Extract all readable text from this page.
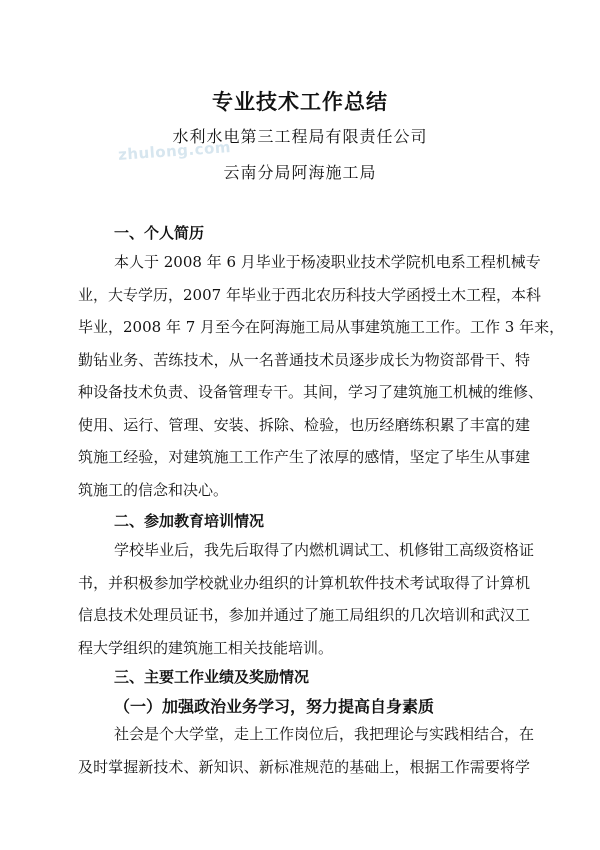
zhulong.com
专业技术工作总结

水利水电第三工程局有限责任公司

云南分局阿海施工局

一、个人简历

本人于 2008 年 6 月毕业于杨凌职业技术学院机电系工程机械专
业，大专学历，2007 年毕业于西北农历科技大学函授土木工程，本科
毕业，2008 年 7 月至今在阿海施工局从事建筑施工工作。工作 3 年来，
勤钻业务、苦练技术，从一名普通技术员逐步成长为物资部骨干、特
种设备技术负责、设备管理专干。其间，学习了建筑施工机械的维修、
使用、运行、管理、安装、拆除、检验，也历经磨练积累了丰富的建
筑施工经验，对建筑施工工作产生了浓厚的感情，坚定了毕生从事建
筑施工的信念和决心。

二、参加教育培训情况

学校毕业后，我先后取得了内燃机调试工、机修钳工高级资格证
书，并积极参加学校就业办组织的计算机软件技术考试取得了计算机
信息技术处理员证书，参加并通过了施工局组织的几次培训和武汉工
程大学组织的建筑施工相关技能培训。

三、主要工作业绩及奖励情况

（一）加强政治业务学习，努力提高自身素质

社会是个大学堂，走上工作岗位后，我把理论与实践相结合，在
及时掌握新技术、新知识、新标准规范的基础上，根据工作需要将学
